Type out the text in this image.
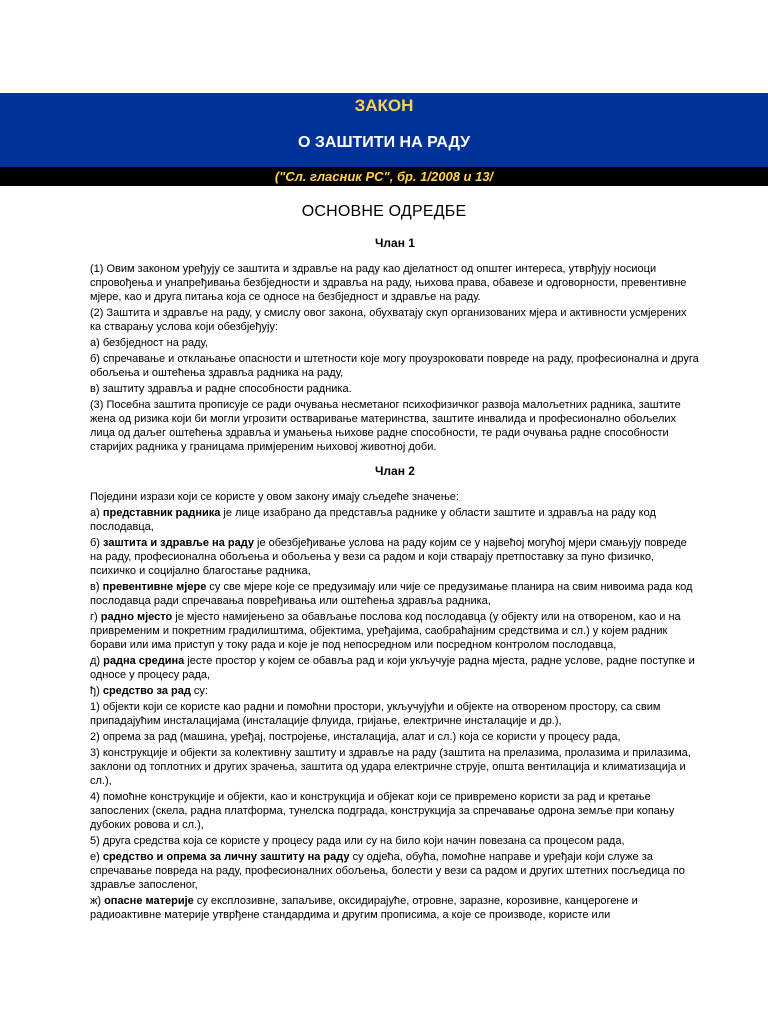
ЗАКОН
О ЗАШТИТИ НА РАДУ
("Сл. гласник РС", бр. 1/2008 и 13/
ОСНОВНЕ ОДРЕДБЕ
Члан 1

(1) Овим законом уређују се заштита и здравље на раду као дјелатност од општег интереса, утврђују носиоци спровођења и унапређивања безбједности и здравља на раду, њихова права, обавезе и одговорности, превентивне мјере, као и друга питања која се односе на безбједност и здравље на раду.

(2) Заштита и здравље на раду, у смислу овог закона, обухватају скуп организованих мјера и активности усмјерених ка стварању услова који обезбјеђују:

а) безбједност на раду,

б) спречавање и отклањање опасности и штетности које могу проузроковати повреде на раду, професионална и друга обољења и оштећења здравља радника на раду,

в) заштиту здравља и радне способности радника.

(3) Посебна заштита прописује се ради очувања несметаног психофизичког развоја малољетних радника, заштите жена од ризика који би могли угрозити остваривање материнства, заштите инвалида и професионално обољелих лица од даљег оштећења здравља и умањења њихове радне способности, те ради очувања радне способности старијих радника у границама примјереним њиховој животној доби.

Члан 2

Поједини изрази који се користе у овом закону имају сљедеће значење:

а) представник радника је лице изабрано да представља раднике у области заштите и здравља на раду код послодавца,

б) заштита и здравље на раду је обезбјеђивање услова на раду којим се у највећој могућој мјери смањују повреде на раду, професионална обољења и обољења у вези са радом и који стварају претпоставку за пуно физичко, психичко и социјално благостање радника,

в) превентивне мјере су све мјере које се предузимају или чије се предузимање планира на свим нивоима рада код послодавца ради спречавања повређивања или оштећења здравља радника,

г) радно мјесто је мјесто намијењено за обављање послова код послодавца (у објекту или на отвореном, као и на привременим и покретним градилиштима, објектима, уређајима, саобраћајним средствима и сл.) у којем радник борави или има приступ у току рада и које је под непосредном или посредном контролом послодавца,

д) радна средина јесте простор у којем се обавља рад и који укључује радна мјеста, радне услове, радне поступке и односе у процесу рада,

ђ) средство за рад су:

1) објекти који се користе као радни и помоћни простори, укључујући и објекте на отвореном простору, са свим припадајућим инсталацијама (инсталације флуида, гријање, електричне инсталације и др.),

2) опрема за рад (машина, уређај, постројење, инсталација, алат и сл.) која се користи у процесу рада,

3) конструкције и објекти за колективну заштиту и здравље на раду (заштита на прелазима, пролазима и прилазима, заклони од топлотних и других зрачења, заштита од удара електричне струје, општа вентилација и климатизација и сл.),

4) помоћне конструкције и објекти, као и конструкција и објекат који се привремено користи за рад и кретање запослених (скела, радна платформа, тунелска подграда, конструкција за спречавање одрона земље при копању дубоких ровова и сл.),

5) друга средства која се користе у процесу рада или су на било који начин повезана са процесом рада,

е) средство и опрема за личну заштиту на раду су одјећа, обућа, помоћне направе и уређаји који служе за спречавање повреда на раду, професионалних обољења, болести у вези са радом и других штетних посљедица по здравље запосленог,

ж) опасне материје су експлозивне, запаљиве, оксидирајуће, отровне, заразне, корозивне, канцерогене и радиоактивне материје утврђене стандардима и другим прописима, а које се производе, користе или
